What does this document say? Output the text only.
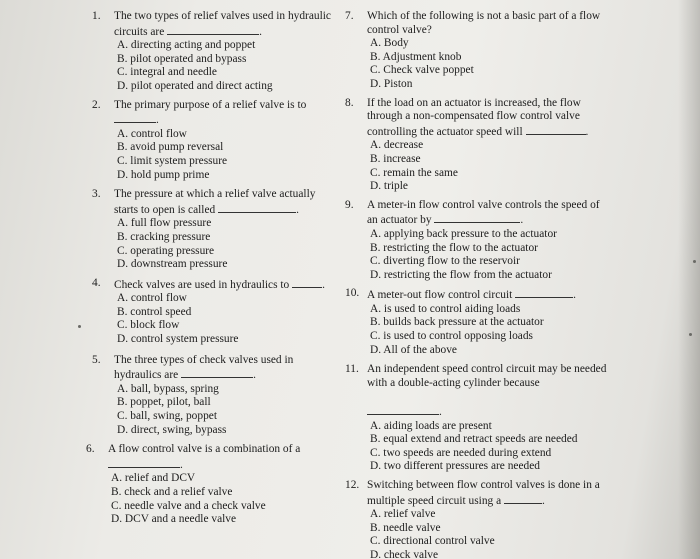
1. The two types of relief valves used in hydraulic circuits are	.
A. directing acting and poppet
B. pilot operated and bypass
C. integral and needle
D. pilot operated and direct acting
2. The primary purpose of a relief valve is to .
A. control flow
B. avoid pump reversal
C. limit system pressure
D. hold pump prime
3. The pressure at which a relief valve actually starts to open is called	.
A. full flow pressure
B. cracking pressure
C. operating pressure
D. downstream pressure
4. Check valves are used in hydraulics to	.
A. control flow
B. control speed
C. block flow
D. control system pressure
5. The three types of check valves used in hydraulics are	.
A. ball, bypass, spring
B. poppet, pilot, ball
C. ball, swing, poppet
D. direct, swing, bypass
6. A flow control valve is a combination of a .
A. relief and DCV
B. check and a relief valve
C. needle valve and a check valve
D. DCV and a needle valve
7. Which of the following is not a basic part of a flow control valve?
A. Body
B. Adjustment knob
C. Check valve poppet
D. Piston
8. If the load on an actuator is increased, the flow through a non-compensated flow control valve controlling the actuator speed will	.
A. decrease
B. increase
C. remain the same
D. triple
9. A meter-in flow control valve controls the speed of an actuator by	.
A. applying back pressure to the actuator
B. restricting the flow to the actuator
C. diverting flow to the reservoir
D. restricting the flow from the actuator
10. A meter-out flow control circuit	.
A. is used to control aiding loads
B. builds back pressure at the actuator
C. is used to control opposing loads
D. All of the above
11. An independent speed control circuit may be needed with a double-acting cylinder because

.
A. aiding loads are present
B. equal extend and retract speeds are needed
C. two speeds are needed during extend
D. two different pressures are needed
12. Switching between flow control valves is done in a multiple speed circuit using a	.
A. relief valve
B. needle valve
C. directional control valve
D. check valve
